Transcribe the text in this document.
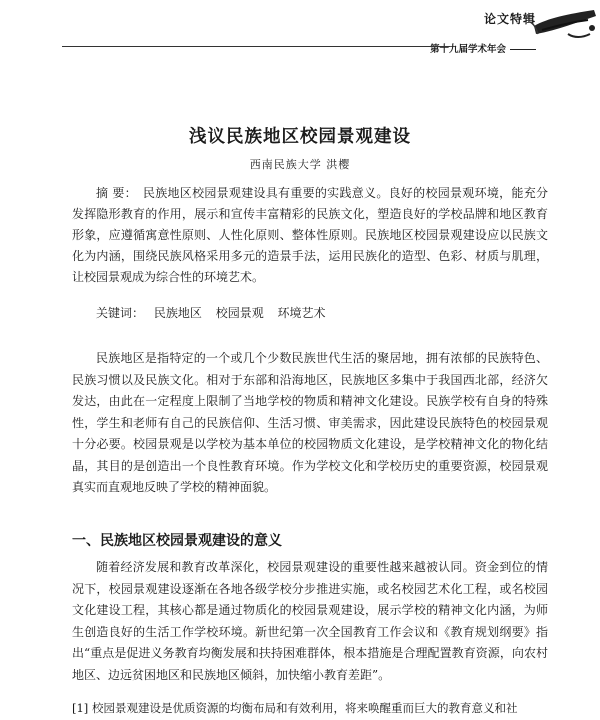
论文特辑
第十九届学术年会
浅议民族地区校园景观建设
西南民族大学 洪樱

摘 要： 民族地区校园景观建设具有重要的实践意义。良好的校园景观环境，能充分发挥隐形教育的作用，展示和宣传丰富精彩的民族文化，塑造良好的学校品牌和地区教育形象，应遵循寓意性原则、人性化原则、整体性原则。民族地区校园景观建设应以民族文化为内涵，围绕民族风格采用多元的造景手法，运用民族化的造型、色彩、材质与肌理，让校园景观成为综合性的环境艺术。

关键词： 民族地区 校园景观 环境艺术

民族地区是指特定的一个或几个少数民族世代生活的聚居地，拥有浓郁的民族特色、民族习惯以及民族文化。相对于东部和沿海地区，民族地区多集中于我国西北部，经济欠发达，由此在一定程度上限制了当地学校的物质和精神文化建设。民族学校有自身的特殊性，学生和老师有自己的民族信仰、生活习惯、审美需求，因此建设民族特色的校园景观十分必要。校园景观是以学校为基本单位的校园物质文化建设，是学校精神文化的物化结晶，其目的是创造出一个良性教育环境。作为学校文化和学校历史的重要资源，校园景观真实而直观地反映了学校的精神面貌。

一、民族地区校园景观建设的意义

随着经济发展和教育改革深化，校园景观建设的重要性越来越被认同。资金到位的情况下，校园景观建设逐渐在各地各级学校分步推进实施，或名校园艺术化工程，或名校园文化建设工程，其核心都是通过物质化的校园景观建设，展示学校的精神文化内涵，为师生创造良好的生活工作学校环境。新世纪第一次全国教育工作会议和《教育规划纲要》指出“重点是促进义务教育均衡发展和扶持困难群体，根本措施是合理配置教育资源，向农村地区、边远贫困地区和民族地区倾斜，加快缩小教育差距”。

[1] 校园景观建设是优质资源的均衡布局和有效利用，将来唤醒重而巨大的教育意义和社
